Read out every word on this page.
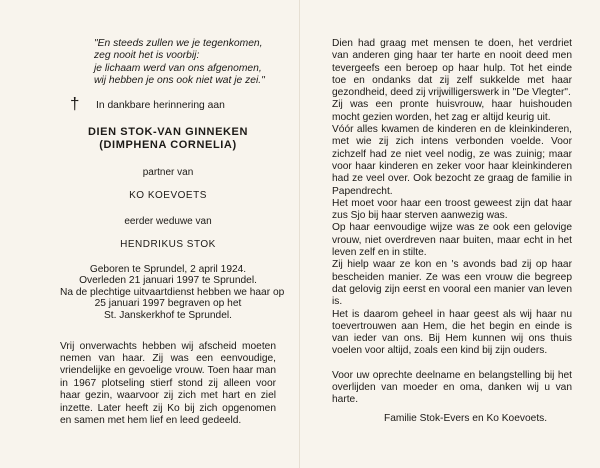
"En steeds zullen we je tegenkomen,
zeg nooit het is voorbij:
je lichaam werd van ons afgenomen,
wij hebben je ons ook niet wat je zei."
† In dankbare herinnering aan
DIEN STOK-VAN GINNEKEN
(DIMPHENA CORNELIA)
partner van
KO KOEVOETS
eerder weduwe van
HENDRIKUS STOK
Geboren te Sprundel, 2 april 1924.
Overleden 21 januari 1997 te Sprundel.
Na de plechtige uitvaartdienst hebben we haar op
25 januari 1997 begraven op het
St. Janskerkhof te Sprundel.
Vrij onverwachts hebben wij afscheid moeten nemen van haar. Zij was een eenvoudige, vriendelijke en gevoelige vrouw. Toen haar man in 1967 plotseling stierf stond zij alleen voor haar gezin, waarvoor zij zich met hart en ziel inzette. Later heeft zij Ko bij zich opgenomen en samen met hem lief en leed gedeeld.
Dien had graag met mensen te doen, het verdriet van anderen ging haar ter harte en nooit deed men tevergeefs een beroep op haar hulp. Tot het einde toe en ondanks dat zij zelf sukkelde met haar gezondheid, deed zij vrijwilligerswerk in "De Vlegter".
Zij was een pronte huisvrouw, haar huishouden mocht gezien worden, het zag er altijd keurig uit.
Vóór alles kwamen de kinderen en de kleinkinderen, met wie zij zich intens verbonden voelde. Voor zichzelf had ze niet veel nodig, ze was zuinig; maar voor haar kinderen en zeker voor haar kleinkinderen had ze veel over. Ook bezocht ze graag de familie in Papendrecht.
Het moet voor haar een troost geweest zijn dat haar zus Sjo bij haar sterven aanwezig was.
Op haar eenvoudige wijze was ze ook een gelovige vrouw, niet overdreven naar buiten, maar echt in het leven zelf en in stilte.
Zij hielp waar ze kon en 's avonds bad zij op haar bescheiden manier. Ze was een vrouw die begreep dat gelovig zijn eerst en vooral een manier van leven is.
Het is daarom geheel in haar geest als wij haar nu toevertrouwen aan Hem, die het begin en einde is van ieder van ons. Bij Hem kunnen wij ons thuis voelen voor altijd, zoals een kind bij zijn ouders.
Voor uw oprechte deelname en belangstelling bij het overlijden van moeder en oma, danken wij u van harte.
Familie Stok-Evers en Ko Koevoets.
